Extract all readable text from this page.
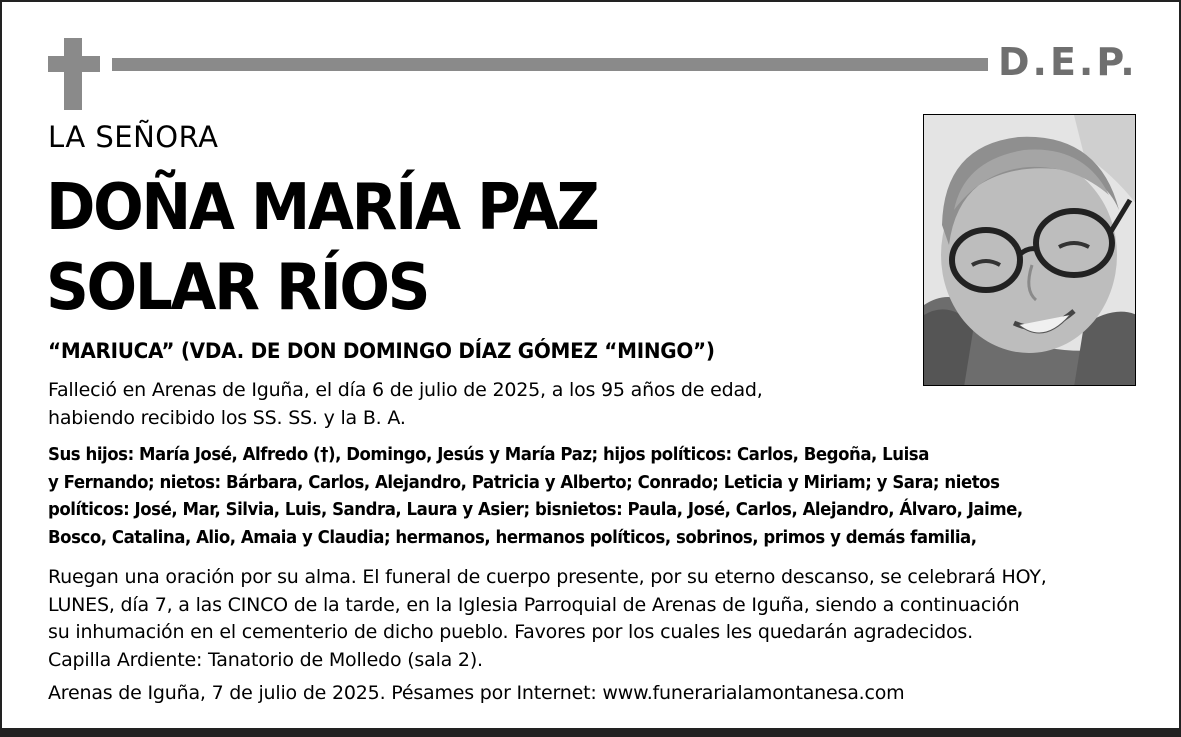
D.E.P.
LA SEÑORA
DOÑA MARÍA PAZ
SOLAR RÍOS
“MARIUCA” (VDA. DE DON DOMINGO DÍAZ GÓMEZ “MINGO”)
Falleció en Arenas de Iguña, el día 6 de julio de 2025, a los 95 años de edad,
habiendo recibido los SS. SS. y la B. A.
Sus hijos: María José, Alfredo (†), Domingo, Jesús y María Paz; hijos políticos: Carlos, Begoña, Luisa
y Fernando; nietos: Bárbara, Carlos, Alejandro, Patricia y Alberto; Conrado; Leticia y Miriam; y Sara; nietos
políticos: José, Mar, Silvia, Luis, Sandra, Laura y Asier; bisnietos: Paula, José, Carlos, Alejandro, Álvaro, Jaime,
Bosco, Catalina, Alio, Amaia y Claudia; hermanos, hermanos políticos, sobrinos, primos y demás familia,
Ruegan una oración por su alma. El funeral de cuerpo presente, por su eterno descanso, se celebrará HOY,
LUNES, día 7, a las CINCO de la tarde, en la Iglesia Parroquial de Arenas de Iguña, siendo a continuación
su inhumación en el cementerio de dicho pueblo. Favores por los cuales les quedarán agradecidos.
Capilla Ardiente: Tanatorio de Molledo (sala 2).
Arenas de Iguña, 7 de julio de 2025. Pésames por Internet: www.funerarialamontanesa.com
